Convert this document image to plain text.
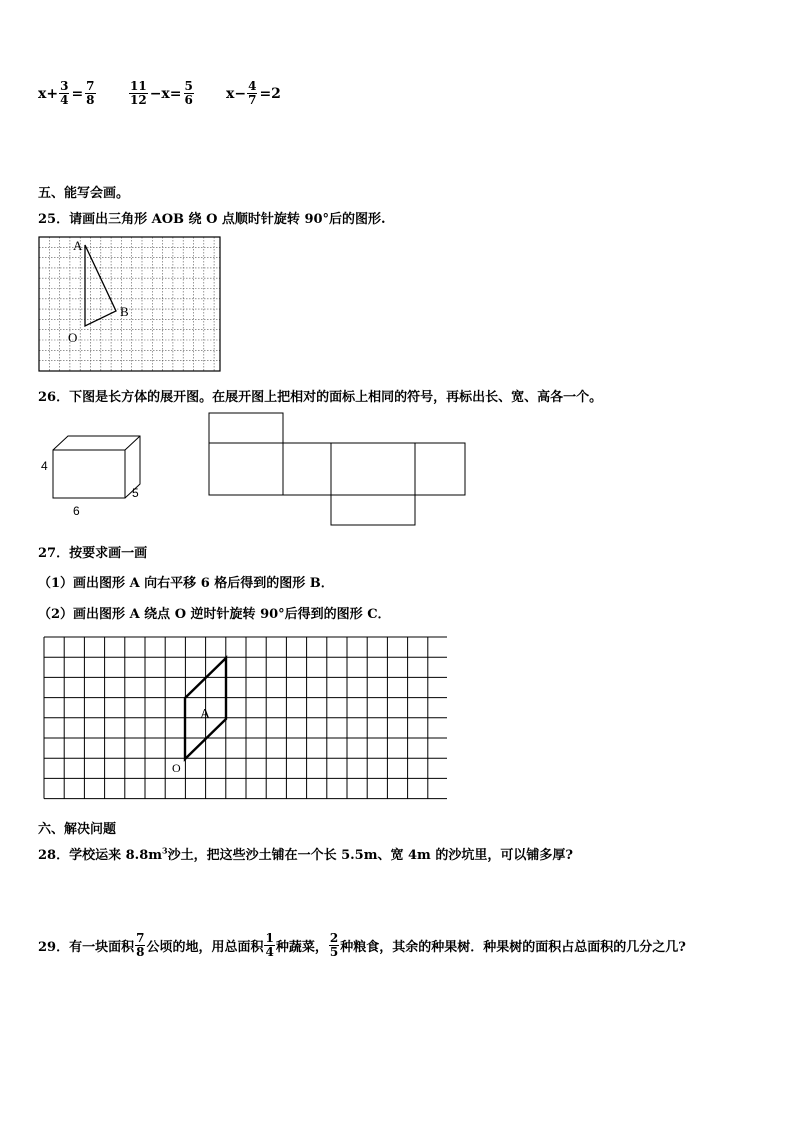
$x+ \frac{3}{4} = \frac{7}{8}$	$\frac{11}{12} -x= \frac{5}{6} x- \frac{4}{7} =2$
五、能写会画。
25．请画出三角形 AOB 绕 O 点顺时针旋转 90°后的图形.
A
B
O
26．下图是长方体的展开图。在展开图上把相对的面标上相同的符号，再标出长、宽、高各一个。
4
6
5
27．按要求画一画
（1）画出图形 A 向右平移 6 格后得到的图形 B．
（2）画出图形 A 绕点 O 逆时针旋转 90°后得到的图形 C．
A
O
六、解决问题
28．学校运来 $8.8m^3$沙土，把这些沙土铺在一个长 5.5m、宽 4m 的沙坑里，可以铺多厚?
29．有一块面积 $\frac{7}{8}$ 公顷的地，用总面积 $\frac{1}{4}$ 种蔬菜， $\frac{2}{5}$ 种粮食，其余的种果树．种果树的面积占总面积的几分之几?
